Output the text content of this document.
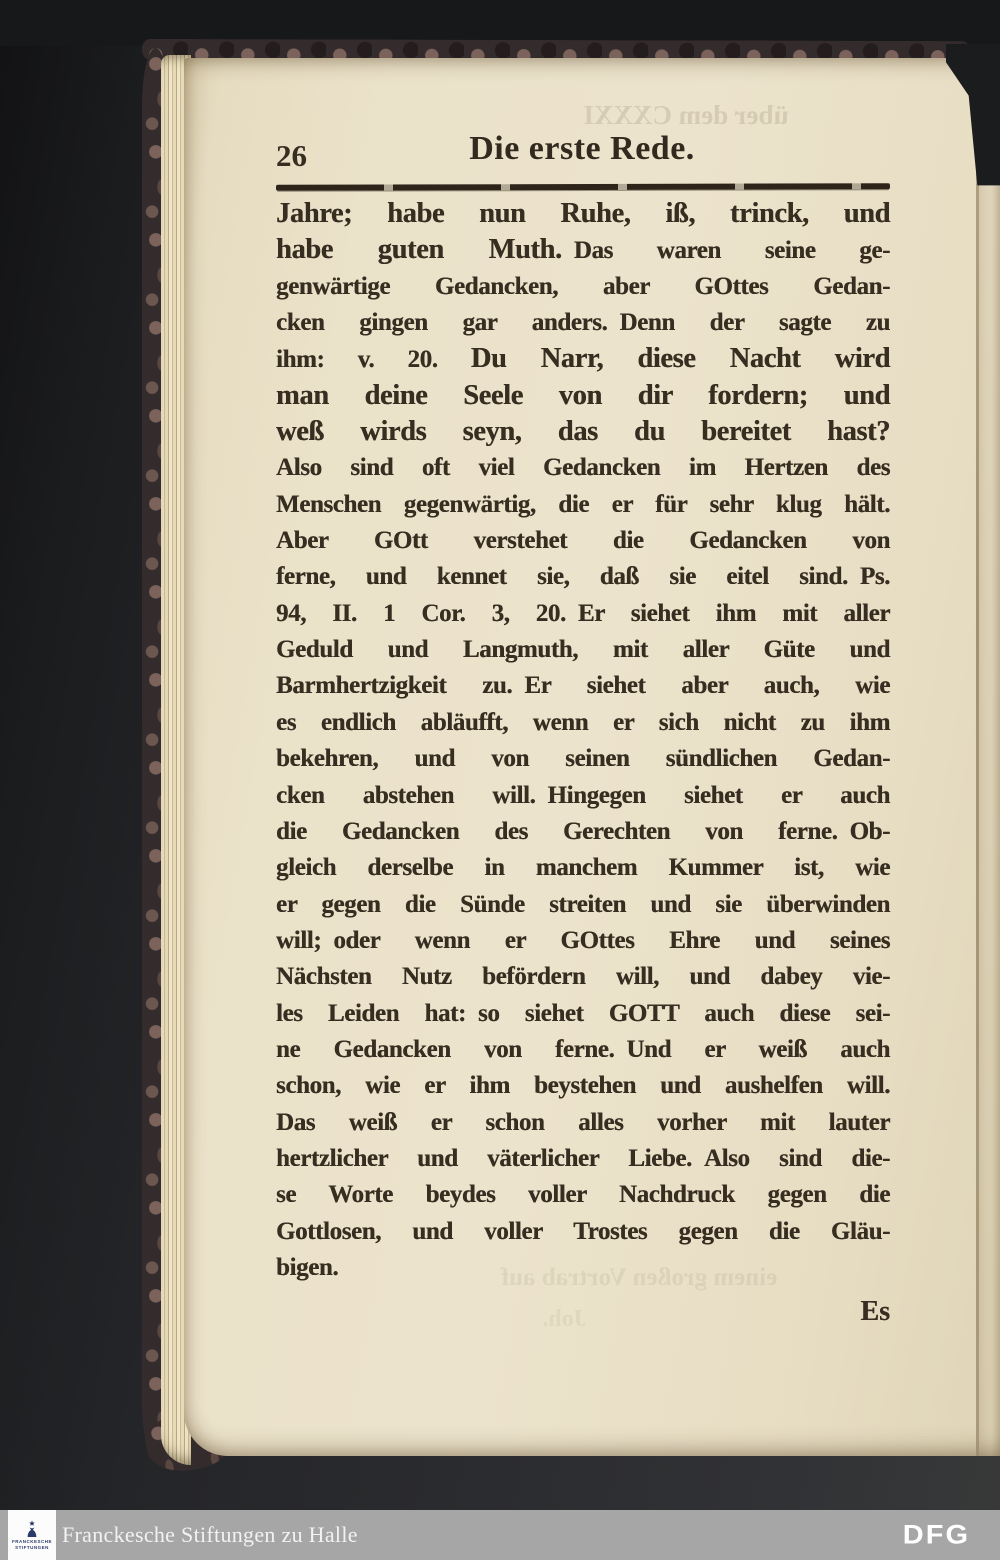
über dem CXXXI
26	Die erste Rede.
Jahre; habe nun Ruhe, iß, trinck, und
habe guten Muth. Das waren seine ge-
genwärtige Gedancken, aber GOttes Gedan-
cken gingen gar anders. Denn der sagte zu
ihm: v. 20. Du Narr, diese Nacht wird
man deine Seele von dir fordern; und
weß wirds seyn, das du bereitet hast?
Also sind oft viel Gedancken im Hertzen des
Menschen gegenwärtig, die er für sehr klug hält.
Aber GOtt verstehet die Gedancken von
ferne, und kennet sie, daß sie eitel sind. Ps.
94, II. 1 Cor. 3, 20. Er siehet ihm mit aller
Geduld und Langmuth, mit aller Güte und
Barmhertzigkeit zu. Er siehet aber auch, wie
es endlich abläufft, wenn er sich nicht zu ihm
bekehren, und von seinen sündlichen Gedan-
cken abstehen will. Hingegen siehet er auch
die Gedancken des Gerechten von ferne. Ob-
gleich derselbe in manchem Kummer ist, wie
er gegen die Sünde streiten und sie überwinden
will; oder wenn er GOttes Ehre und seines
Nächsten Nutz befördern will, und dabey vie-
les Leiden hat: so siehet GOTT auch diese sei-
ne Gedancken von ferne. Und er weiß auch
schon, wie er ihm beystehen und aushelfen will.
Das weiß er schon alles vorher mit lauter
hertzlicher und väterlicher Liebe. Also sind die-
se Worte beydes voller Nachdruck gegen die
Gottlosen, und voller Trostes gegen die Gläu-
bigen.
Es
einem großen Vortrab auf
Joh.
FRANCKESCHE
STIFTUNGEN
Franckesche Stiftungen zu Halle	DFG
